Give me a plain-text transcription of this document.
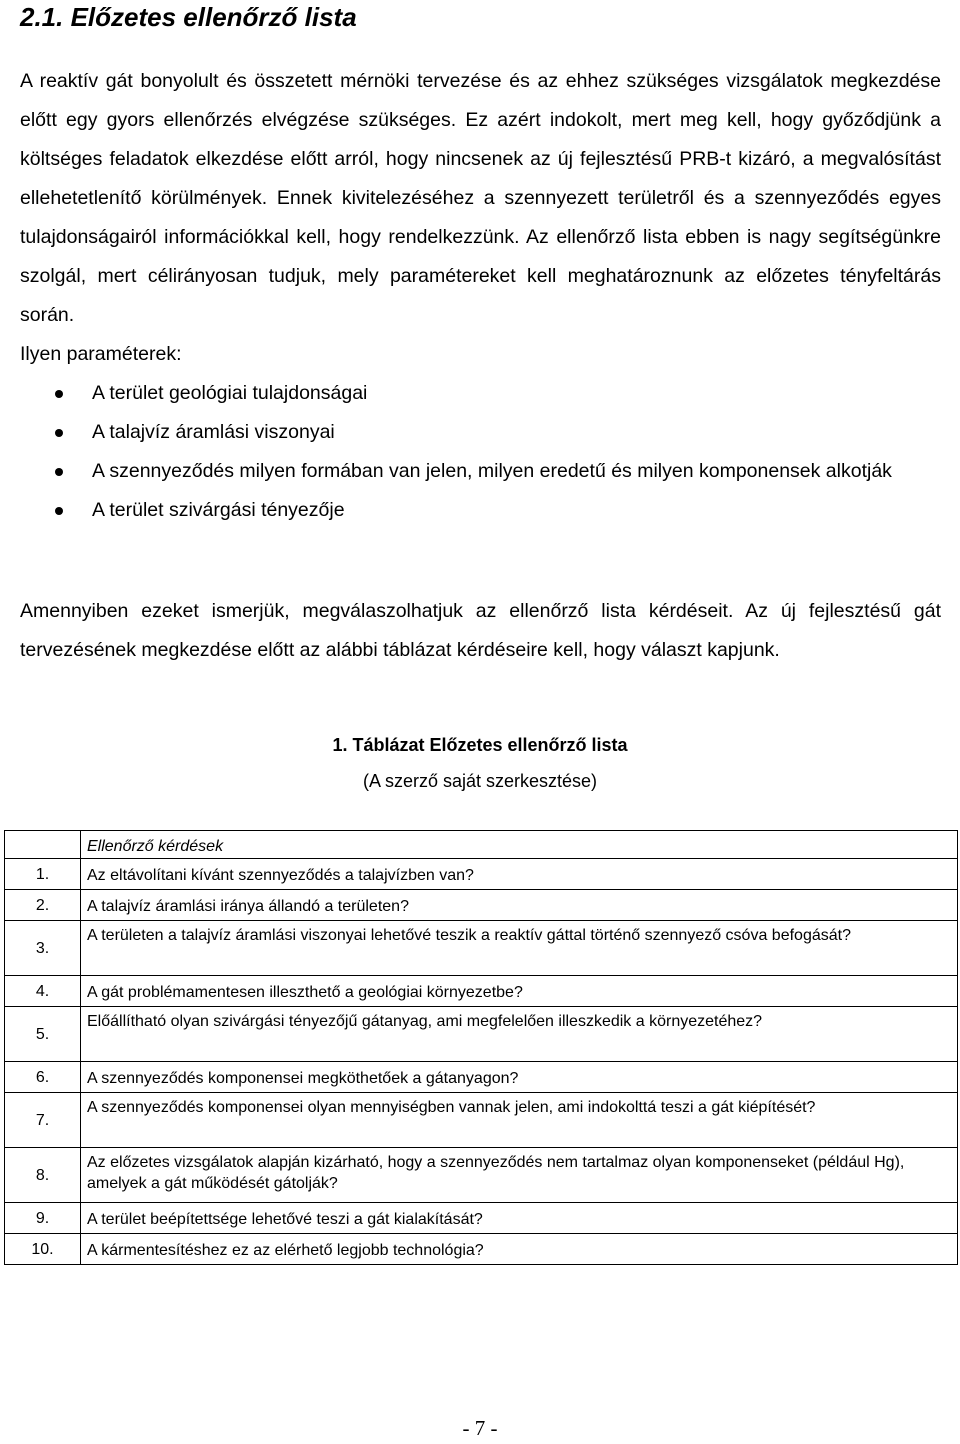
2.1. Előzetes ellenőrző lista

A reaktív gát bonyolult és összetett mérnöki tervezése és az ehhez szükséges vizsgálatok megkezdése előtt egy gyors ellenőrzés elvégzése szükséges. Ez azért indokolt, mert meg kell, hogy győződjünk a költséges feladatok elkezdése előtt arról, hogy nincsenek az új fejlesztésű PRB-t kizáró, a megvalósítást ellehetetlenítő körülmények. Ennek kivitelezéséhez a szennyezett területről és a szennyeződés egyes tulajdonságairól információkkal kell, hogy rendelkezzünk. Az ellenőrző lista ebben is nagy segítségünkre szolgál, mert célirányosan tudjuk, mely paramétereket kell meghatároznunk az előzetes tényfeltárás során.

Ilyen paraméterek:
A terület geológiai tulajdonságai
A talajvíz áramlási viszonyai
A szennyeződés milyen formában van jelen, milyen eredetű és milyen komponensek alkotják
A terület szivárgási tényezője

Amennyiben ezeket ismerjük, megválaszolhatjuk az ellenőrző lista kérdéseit. Az új fejlesztésű gát tervezésének megkezdése előtt az alábbi táblázat kérdéseire kell, hogy választ kapjunk.

1. Táblázat Előzetes ellenőrző lista
(A szerző saját szerkesztése)
	Ellenőrző kérdések
1.	Az eltávolítani kívánt szennyeződés a talajvízben van?
2.	A talajvíz áramlási iránya állandó a területen?
3.	A területen a talajvíz áramlási viszonyai lehetővé teszik a reaktív gáttal történő szennyező csóva befogását?
4.	A gát problémamentesen illeszthető a geológiai környezetbe?
5.	Előállítható olyan szivárgási tényezőjű gátanyag, ami megfelelően illeszkedik a környezetéhez?
6.	A szennyeződés komponensei megköthetőek a gátanyagon?
7.	A szennyeződés komponensei olyan mennyiségben vannak jelen, ami indokolttá teszi a gát kiépítését?
8.	Az előzetes vizsgálatok alapján kizárható, hogy a szennyeződés nem tartalmaz olyan komponenseket (például Hg), amelyek a gát működését gátolják?
9.	A terület beépítettsége lehetővé teszi a gát kialakítását?
10.	A kármentesítéshez ez az elérhető legjobb technológia?
- 7 -
